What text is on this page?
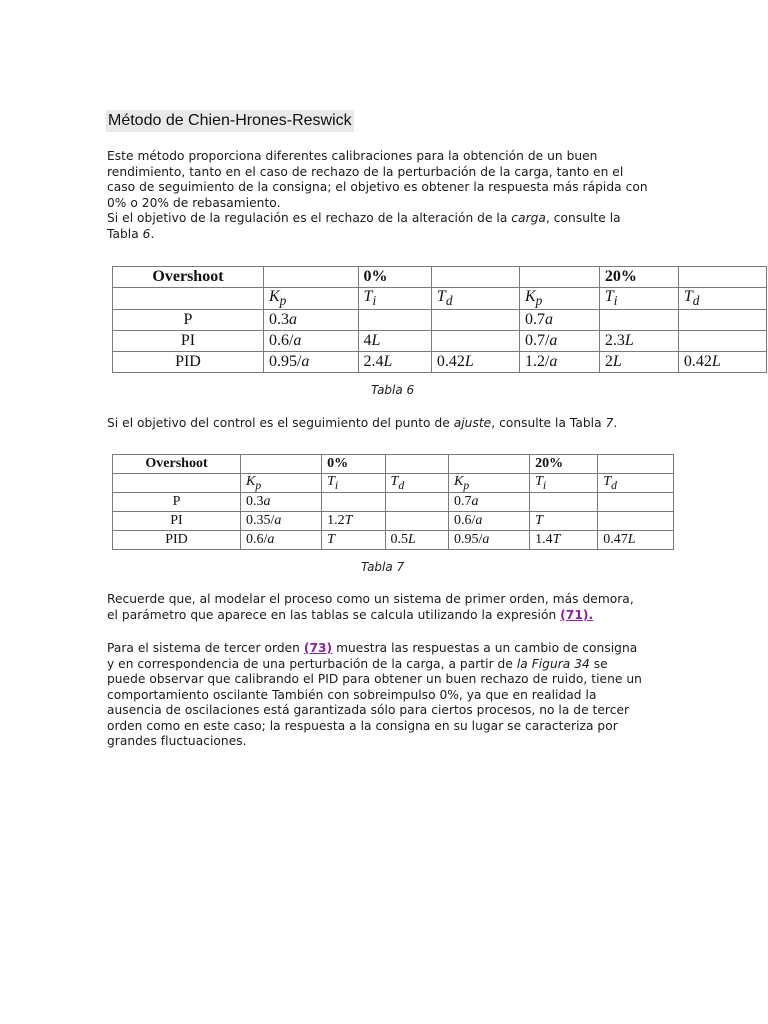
Método de Chien-Hrones-Reswick

Este método proporciona diferentes calibraciones para la obtención de un buen

rendimiento, tanto en el caso de rechazo de la perturbación de la carga, tanto en el

caso de seguimiento de la consigna; el objetivo es obtener la respuesta más rápida con

0% o 20% de rebasamiento.

Si el objetivo de la regulación es el rechazo de la alteración de la carga, consulte la

Tabla 6.

Overshoot		0%			20%	
	$K_p$	$T_i$	$T_d$	$K_p$	$T_i$	$T_d$
P	0.3a			0.7a		
PI	0.6/a	4L		0.7/a	2.3L	
PID	0.95/a	2.4L	0.42L	1.2/a	2L	0.42L
Tabla 6

Si el objetivo del control es el seguimiento del punto de ajuste, consulte la Tabla 7.

Overshoot		0%			20%	
	$K_p$	$T_i$	$T_d$	$K_p$	$T_i$	$T_d$
P	0.3a			0.7a		
PI	0.35/a	1.2T		0.6/a	T	
PID	0.6/a	T	0.5L	0.95/a	1.4T	0.47L
Tabla 7

Recuerde que, al modelar el proceso como un sistema de primer orden, más demora,

el parámetro que aparece en las tablas se calcula utilizando la expresión (71).

Para el sistema de tercer orden (73) muestra las respuestas a un cambio de consigna

y en correspondencia de una perturbación de la carga, a partir de la Figura 34 se

puede observar que calibrando el PID para obtener un buen rechazo de ruido, tiene un

comportamiento oscilante También con sobreimpulso 0%, ya que en realidad la

ausencia de oscilaciones está garantizada sólo para ciertos procesos, no la de tercer

orden como en este caso; la respuesta a la consigna en su lugar se caracteriza por

grandes fluctuaciones.
